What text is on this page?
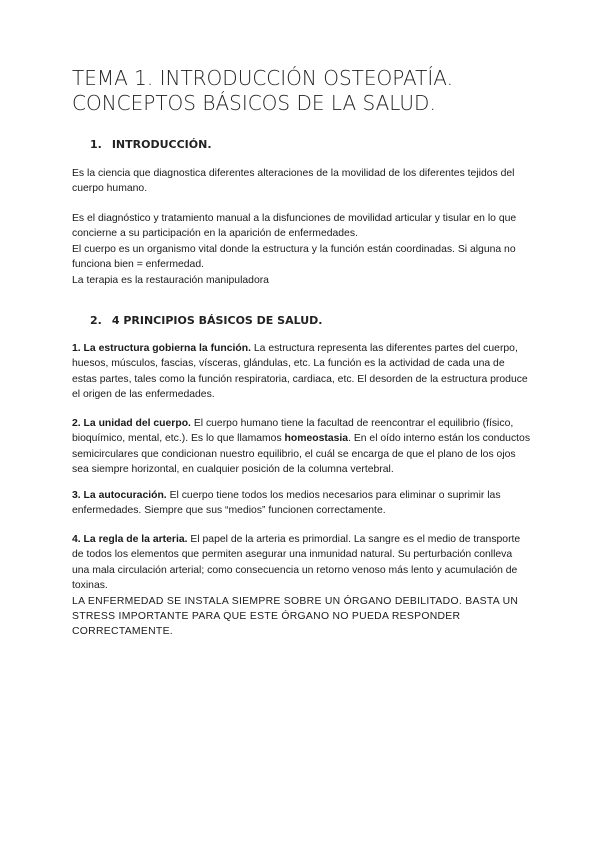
TEMA 1. INTRODUCCIÓN OSTEOPATÍA.
CONCEPTOS BÁSICOS DE LA SALUD.
1. INTRODUCCIÓN.

Es la ciencia que diagnostica diferentes alteraciones de la movilidad de los diferentes tejidos del cuerpo humano.

Es el diagnóstico y tratamiento manual a la disfunciones de movilidad articular y tisular en lo que concierne a su participación en la aparición de enfermedades.
El cuerpo es un organismo vital donde la estructura y la función están coordinadas. Si alguna no funciona bien = enfermedad.
La terapia es la restauración manipuladora
2. 4 PRINCIPIOS BÁSICOS DE SALUD.

1. La estructura gobierna la función. La estructura representa las diferentes partes del cuerpo, huesos, músculos, fascias, vísceras, glándulas, etc. La función es la actividad de cada una de estas partes, tales como la función respiratoria, cardiaca, etc. El desorden de la estructura produce el origen de las enfermedades.

2. La unidad del cuerpo. El cuerpo humano tiene la facultad de reencontrar el equilibrio (físico, bioquímico, mental, etc.). Es lo que llamamos homeostasia. En el oído interno están los conductos semicirculares que condicionan nuestro equilibrio, el cuál se encarga de que el plano de los ojos sea siempre horizontal, en cualquier posición de la columna vertebral.

3. La autocuración. El cuerpo tiene todos los medios necesarios para eliminar o suprimir las enfermedades. Siempre que sus “medios” funcionen correctamente.

4. La regla de la arteria. El papel de la arteria es primordial. La sangre es el medio de transporte de todos los elementos que permiten asegurar una inmunidad natural. Su perturbación conlleva una mala circulación arterial; como consecuencia un retorno venoso más lento y acumulación de toxinas.
LA ENFERMEDAD SE INSTALA SIEMPRE SOBRE UN ÓRGANO DEBILITADO. BASTA UN STRESS IMPORTANTE PARA QUE ESTE ÓRGANO NO PUEDA RESPONDER CORRECTAMENTE.
